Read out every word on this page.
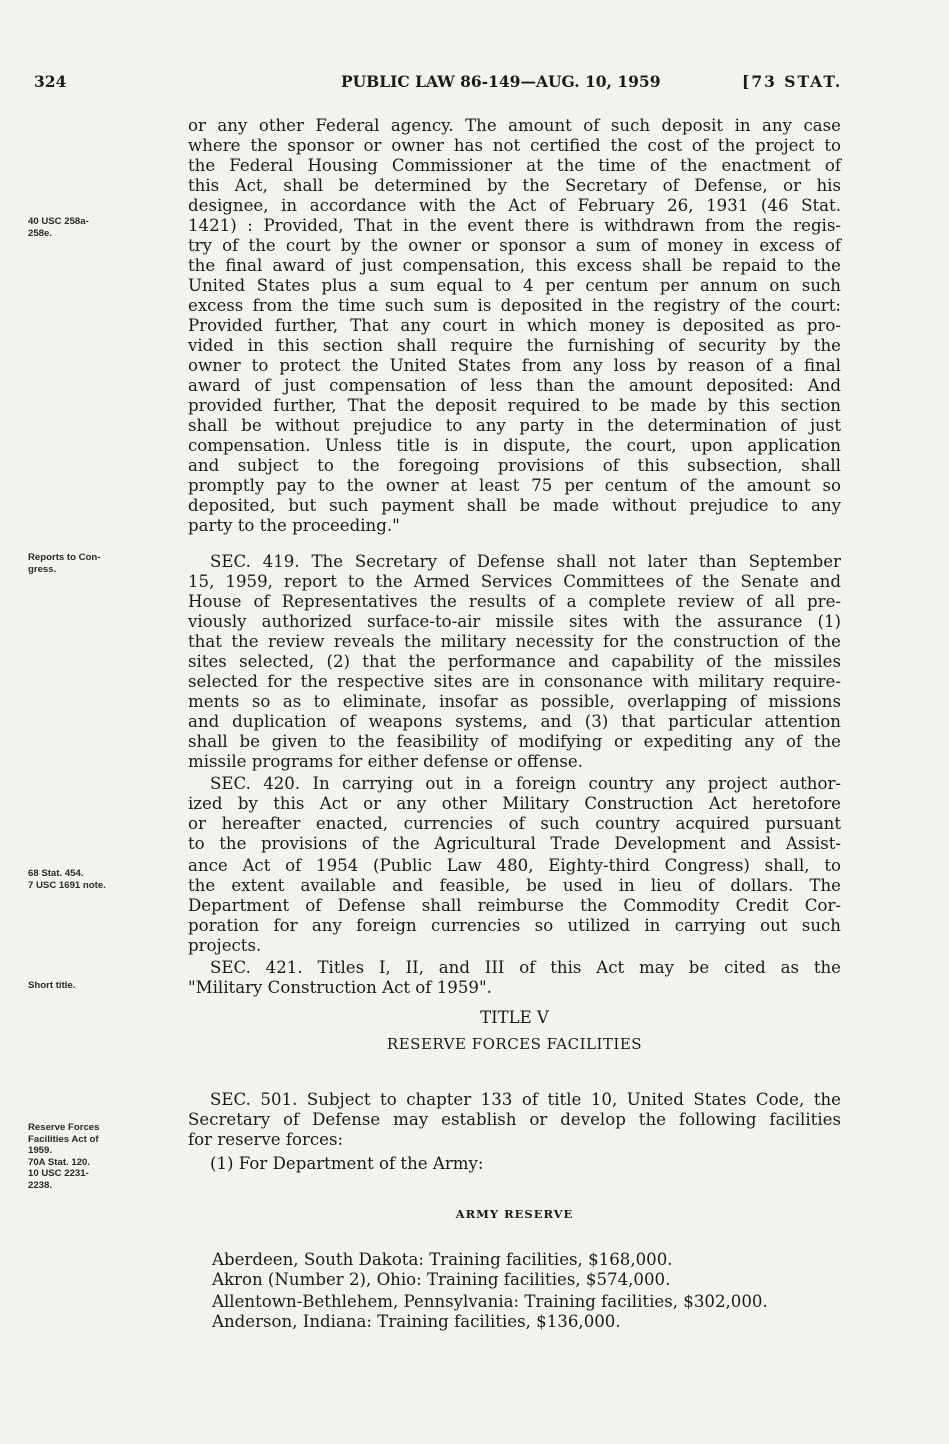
324	PUBLIC LAW 86-149—AUG. 10, 1959	[73 STAT.
40 USC 258a-
258e.
Reports to Con-
gress.
68 Stat. 454.
7 USC 1691 note.
Short title.
Reserve Forces
Facilities Act of
1959.
70A Stat. 120.
10 USC 2231-
2238.
or any other Federal agency. The amount of such deposit in any case
where the sponsor or owner has not certified the cost of the project to
the Federal Housing Commissioner at the time of the enactment of
this Act, shall be determined by the Secretary of Defense, or his
designee, in accordance with the Act of February 26, 1931 (46 Stat.
1421) : Provided, That in the event there is withdrawn from the regis-
try of the court by the owner or sponsor a sum of money in excess of
the final award of just compensation, this excess shall be repaid to the
United States plus a sum equal to 4 per centum per annum on such
excess from the time such sum is deposited in the registry of the court:
Provided further, That any court in which money is deposited as pro-
vided in this section shall require the furnishing of security by the
owner to protect the United States from any loss by reason of a final
award of just compensation of less than the amount deposited: And
provided further, That the deposit required to be made by this section
shall be without prejudice to any party in the determination of just
compensation. Unless title is in dispute, the court, upon application
and subject to the foregoing provisions of this subsection, shall
promptly pay to the owner at least 75 per centum of the amount so
deposited, but such payment shall be made without prejudice to any
party to the proceeding."
SEC. 419. The Secretary of Defense shall not later than September
15, 1959, report to the Armed Services Committees of the Senate and
House of Representatives the results of a complete review of all pre-
viously authorized surface-to-air missile sites with the assurance (1)
that the review reveals the military necessity for the construction of the
sites selected, (2) that the performance and capability of the missiles
selected for the respective sites are in consonance with military require-
ments so as to eliminate, insofar as possible, overlapping of missions
and duplication of weapons systems, and (3) that particular attention
shall be given to the feasibility of modifying or expediting any of the
missile programs for either defense or offense.
SEC. 420. In carrying out in a foreign country any project author-
ized by this Act or any other Military Construction Act heretofore
or hereafter enacted, currencies of such country acquired pursuant
to the provisions of the Agricultural Trade Development and Assist-
ance Act of 1954 (Public Law 480, Eighty-third Congress) shall, to
the extent available and feasible, be used in lieu of dollars. The
Department of Defense shall reimburse the Commodity Credit Cor-
poration for any foreign currencies so utilized in carrying out such
projects.
SEC. 421. Titles I, II, and III of this Act may be cited as the
"Military Construction Act of 1959".
TITLE V
RESERVE FORCES FACILITIES
SEC. 501. Subject to chapter 133 of title 10, United States Code, the
Secretary of Defense may establish or develop the following facilities
for reserve forces:
(1) For Department of the Army:
ARMY RESERVE
Aberdeen, South Dakota: Training facilities, $168,000.
Akron (Number 2), Ohio: Training facilities, $574,000.
Allentown-Bethlehem, Pennsylvania: Training facilities, $302,000.
Anderson, Indiana: Training facilities, $136,000.
